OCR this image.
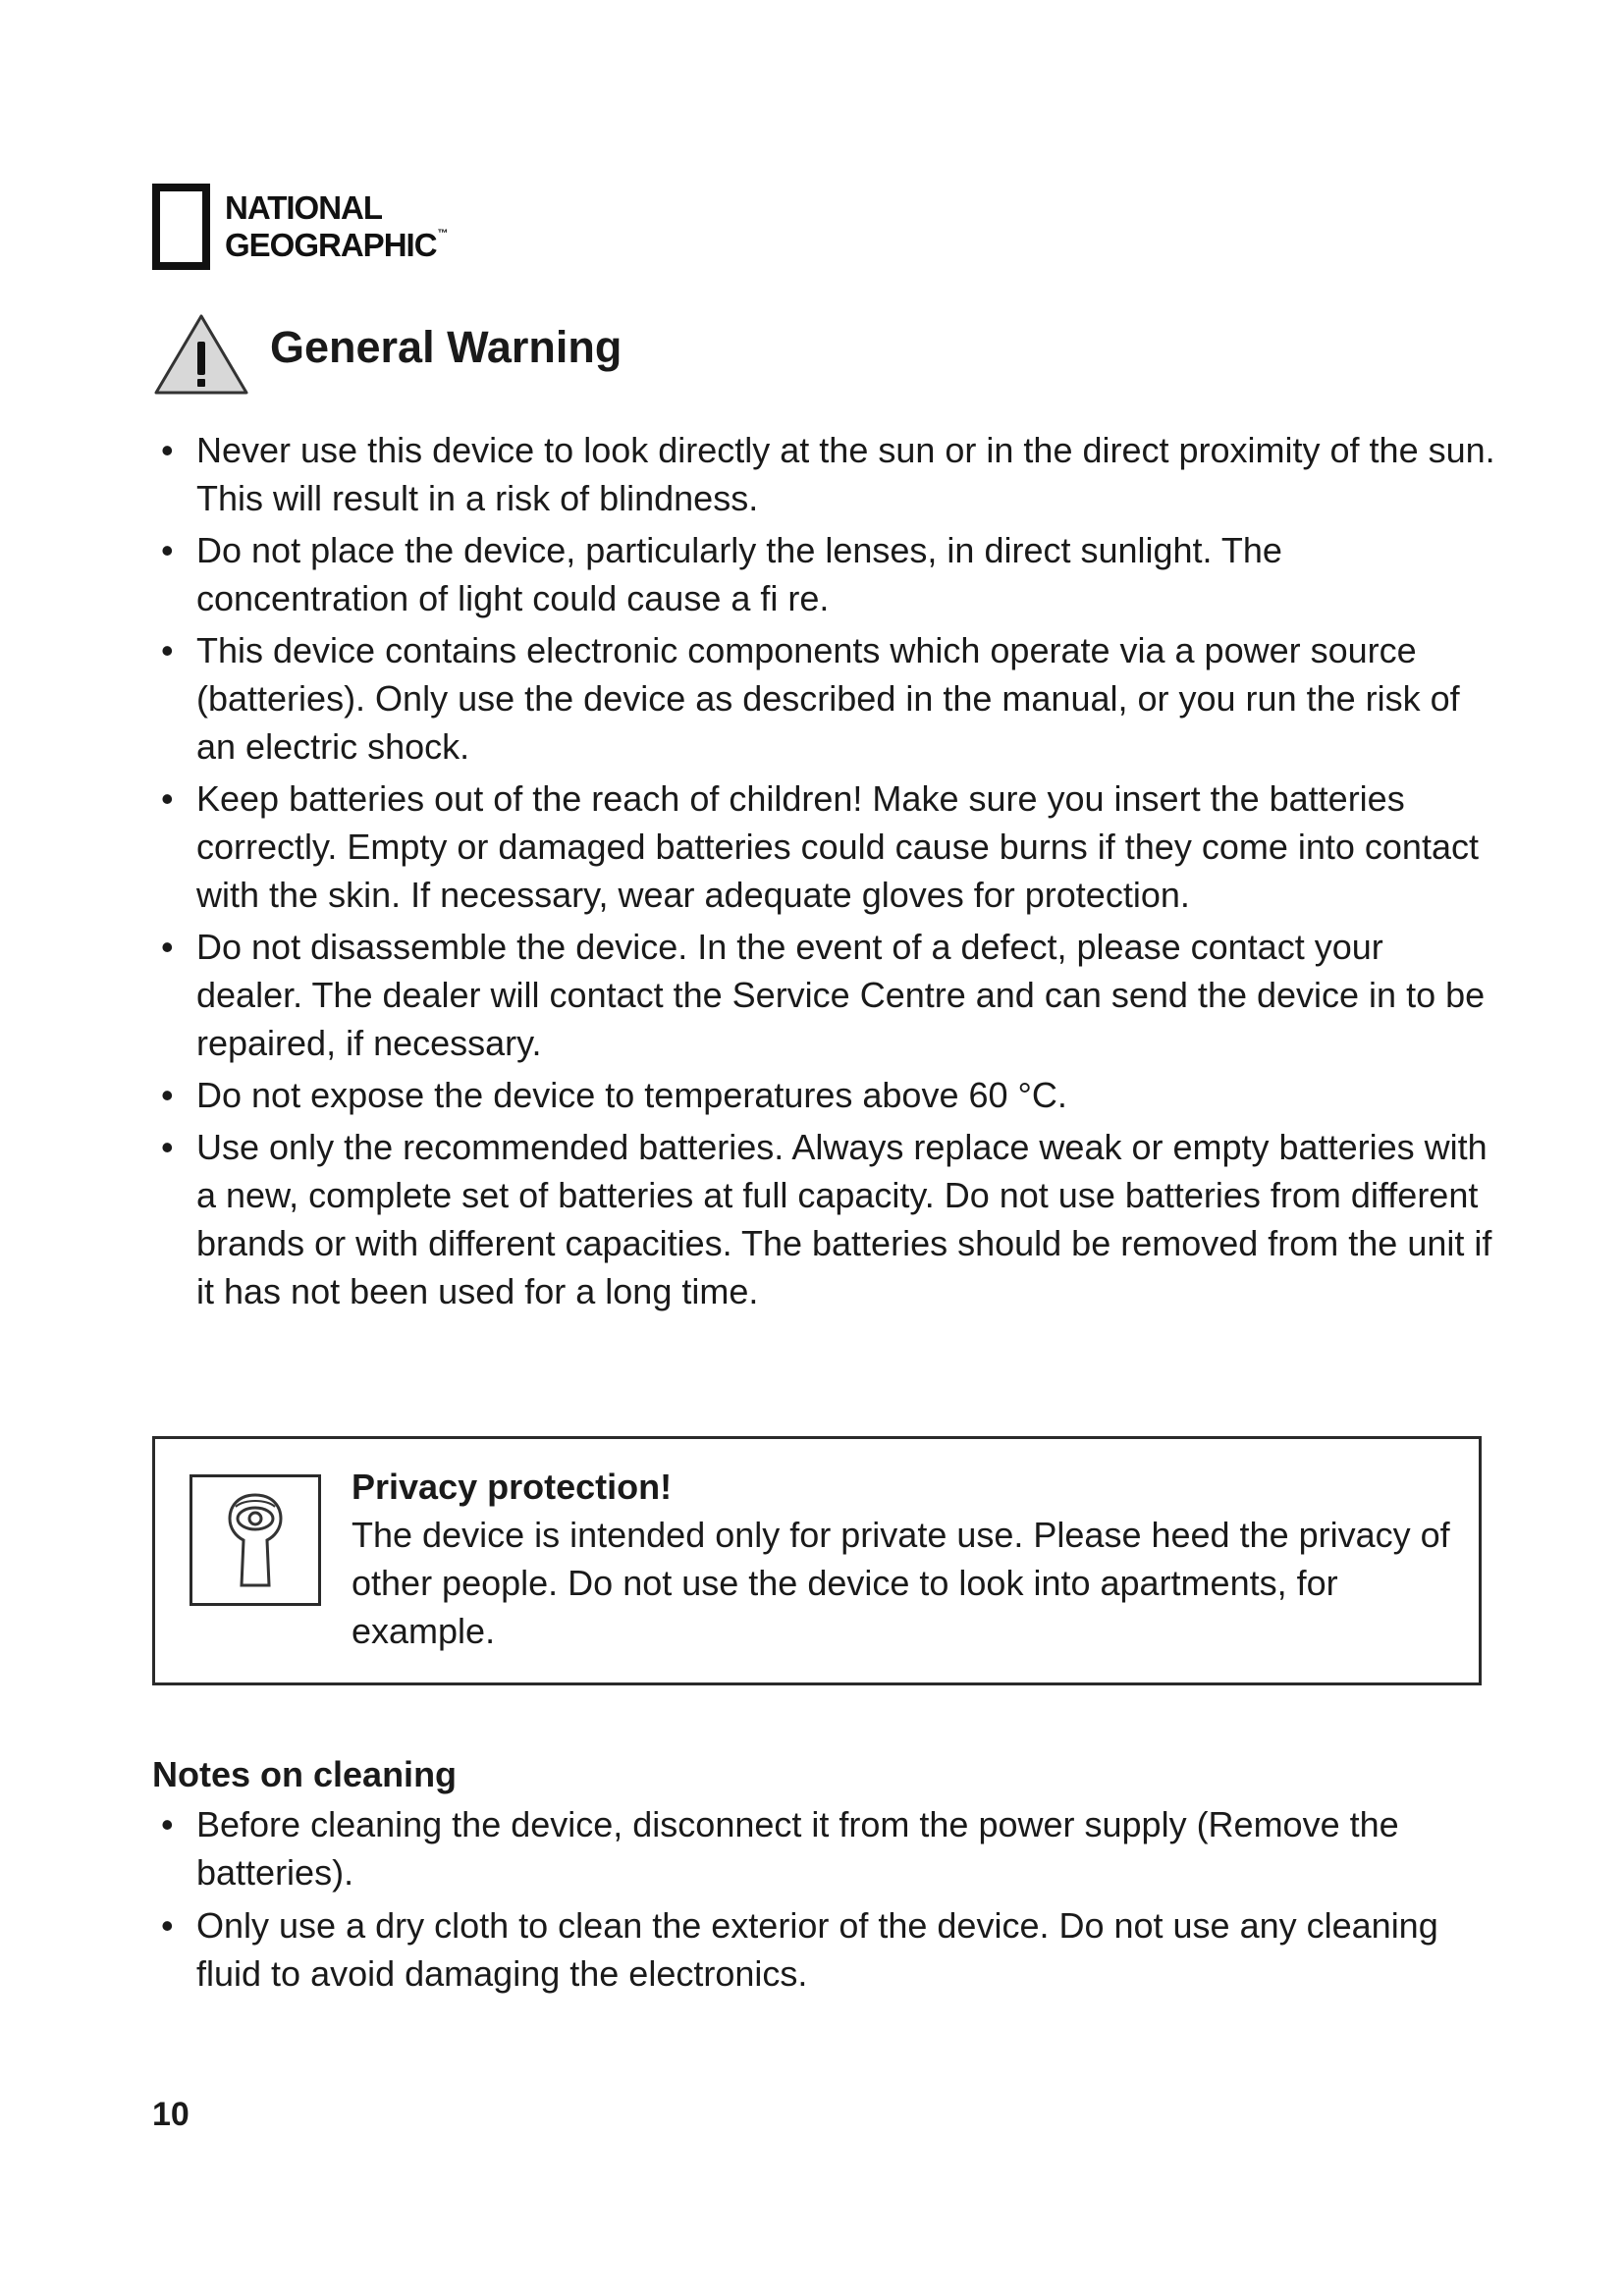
NATIONAL
GEOGRAPHIC™
General Warning
• Never use this device to look directly at the sun or in the direct proximity of the sun. This will result in a risk of blindness.
• Do not place the device, particularly the lenses, in direct sunlight. The concentration of light could cause a fi re.
• This device contains electronic components which operate via a power source (batteries). Only use the device as described in the manual, or you run the risk of an electric shock.
• Keep batteries out of the reach of children! Make sure you insert the batteries correctly. Empty or damaged batteries could cause burns if they come into contact with the skin. If necessary, wear adequate gloves for protection.
• Do not disassemble the device. In the event of a defect, please contact your dealer. The dealer will contact the Service Centre and can send the device in to be repaired, if necessary.
• Do not expose the device to temperatures above 60 °C.
• Use only the recommended batteries. Always replace weak or empty batteries with a new, complete set of batteries at full capacity. Do not use batteries from different brands or with different capacities. The batteries should be removed from the unit if it has not been used for a long time.
Privacy protection!
The device is intended only for private use. Please heed the privacy of other people. Do not use the device to look into apartments, for example.
Notes on cleaning
• Before cleaning the device, disconnect it from the power supply (Remove the batteries).
• Only use a dry cloth to clean the exterior of the device. Do not use any cleaning fluid to avoid damaging the electronics.
10
